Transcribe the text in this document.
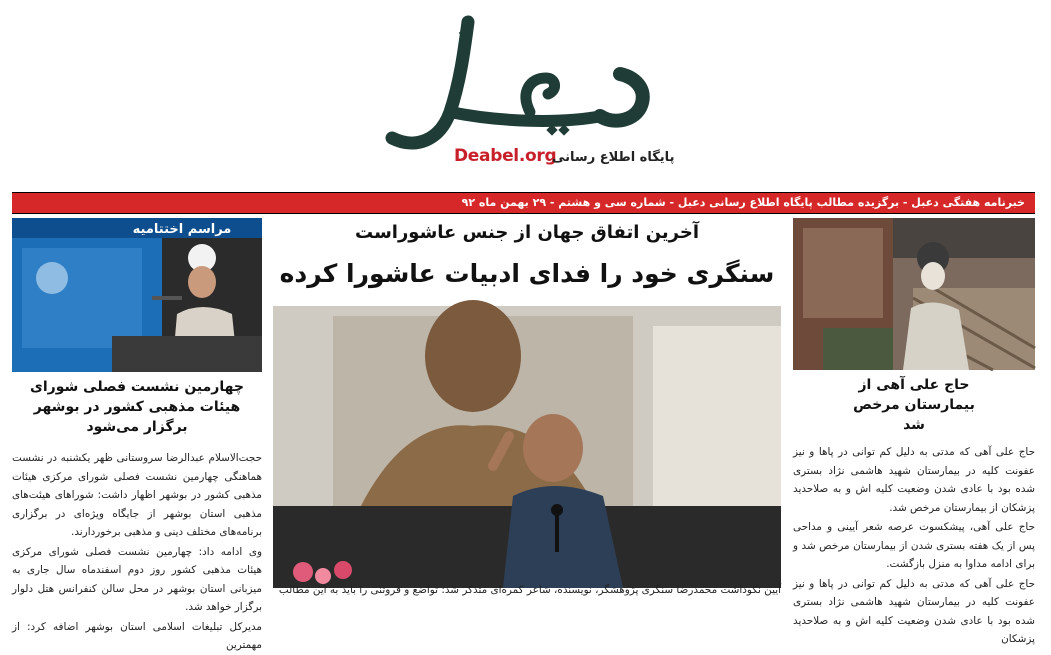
Deabel.org
پایگاه اطلاع رسانی
خبرنامه هفتگی دعبل - برگزیده مطالب پایگاه اطلاع رسانی دعبل - شماره سی و هشتم - ۲۹ بهمن ماه ۹۲
مراسم اختتامیه
چهارمین نشست فصلی شورای هیئات مذهبی کشور در بوشهر برگزار می‌شود

حجت‌الاسلام عبدالرضا سروستانی ظهر یکشنبه در نشست هماهنگی چهارمین نشست فصلی شورای مرکزی هیئات مذهبی کشور در بوشهر اظهار داشت: شوراهای هیئت‌های مذهبی استان بوشهر از جایگاه ویژه‌ای در برگزاری برنامه‌های مختلف دینی و مذهبی برخوردارند.

وی ادامه داد: چهارمین نشست فصلی شورای مرکزی هیئات مذهبی کشور روز دوم اسفندماه سال جاری به میزبانی استان بوشهر در محل سالن کنفرانس هتل دلوار برگزار خواهد شد.

مدیرکل تبلیغات اسلامی استان بوشهر اضافه کرد: از مهمترین

آخرین اتفاق جهان از جنس عاشوراست
سنگری خود را فدای ادبیات عاشورا کرده
آیین نکوداشت محمدرضا سنگری پژوهشگر، نویسنده، شاعر کمره‌ای متذکر شد: تواضع و فروتنی را باید به این مطالب
حاج علی آهی از بیمارستان مرخص شد

حاج علی آهی که مدتی به دلیل کم توانی در پاها و نیز عفونت کلیه در بیمارستان شهید هاشمی نژاد بستری شده بود با عادی شدن وضعیت کلیه اش و به صلاحدید پزشکان از بیمارستان مرخص شد.

حاج علی آهی، پیشکسوت عرصه شعر آیینی و مداحی پس از یک هفته بستری شدن از بیمارستان مرخص شد و برای ادامه مداوا به منزل بازگشت.

حاج علی آهی که مدتی به دلیل کم توانی در پاها و نیز عفونت کلیه در بیمارستان شهید هاشمی نژاد بستری شده بود با عادی شدن وضعیت کلیه اش و به صلاحدید پزشکان
